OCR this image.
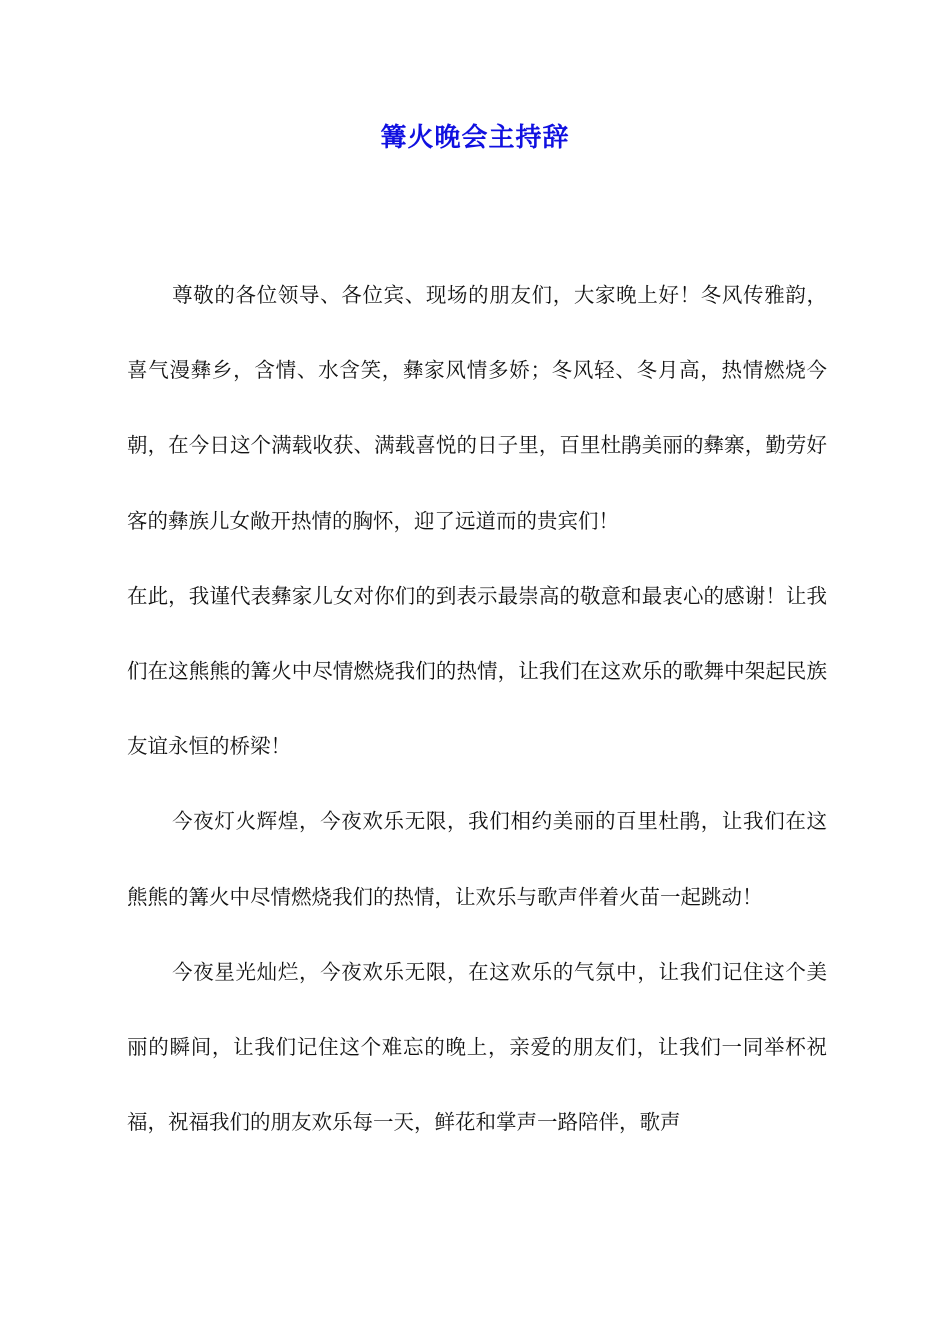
篝火晚会主持辞

尊敬的各位领导、各位宾、现场的朋友们，大家晚上好！冬风传雅韵，喜气漫彝乡，含情、水含笑，彝家风情多娇；冬风轻、冬月高，热情燃烧今朝，在今日这个满载收获、满载喜悦的日子里，百里杜鹃美丽的彝寨，勤劳好客的彝族儿女敞开热情的胸怀，迎了远道而的贵宾们！

在此，我谨代表彝家儿女对你们的到表示最崇高的敬意和最衷心的感谢！让我们在这熊熊的篝火中尽情燃烧我们的热情，让我们在这欢乐的歌舞中架起民族友谊永恒的桥梁！

今夜灯火辉煌，今夜欢乐无限，我们相约美丽的百里杜鹃，让我们在这熊熊的篝火中尽情燃烧我们的热情，让欢乐与歌声伴着火苗一起跳动！

今夜星光灿烂，今夜欢乐无限，在这欢乐的气氛中，让我们记住这个美丽的瞬间，让我们记住这个难忘的晚上，亲爱的朋友们，让我们一同举杯祝福，祝福我们的朋友欢乐每一天，鲜花和掌声一路陪伴，歌声
